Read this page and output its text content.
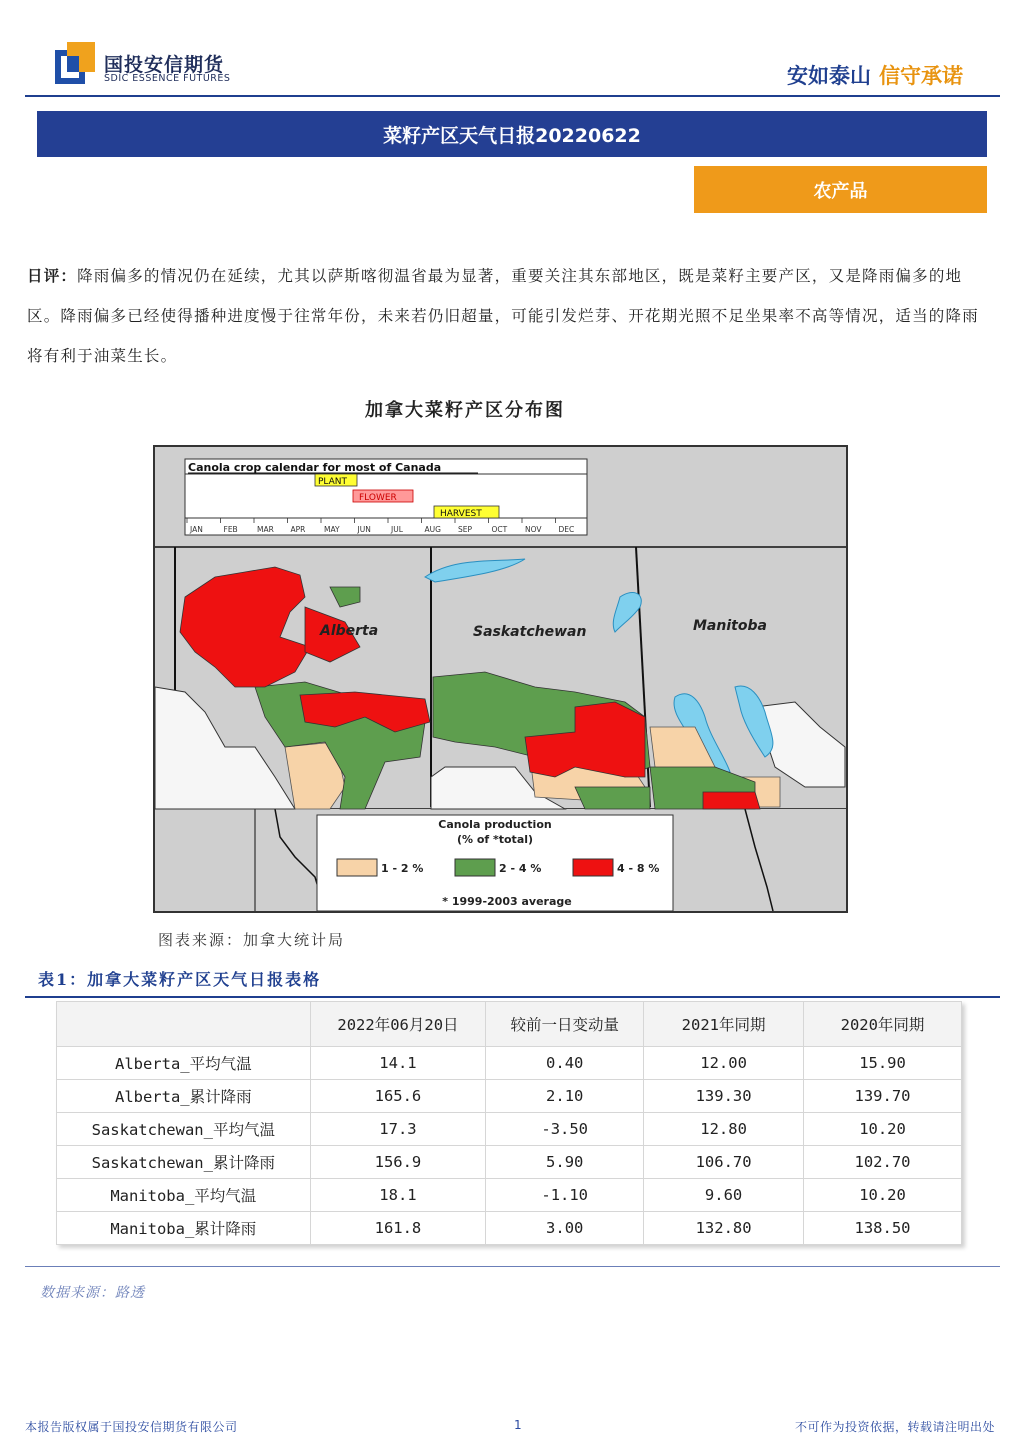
国投安信期货
SDIC ESSENCE FUTURES	安如泰山 信守承诺
菜籽产区天气日报20220622
农产品
日评：降雨偏多的情况仍在延续，尤其以萨斯喀彻温省最为显著，重要关注其东部地区，既是菜籽主要产区，又是降雨偏多的地区。降雨偏多已经使得播种进度慢于往常年份，未来若仍旧超量，可能引发烂芽、开花期光照不足坐果率不高等情况，适当的降雨将有利于油菜生长。
加拿大菜籽产区分布图
Canola crop calendar for most of Canada
PLANT
FLOWER
HARVEST
JAN	FEB	MAR APR MAY JUN	JUL	AUG SEP	OCT NOV DEC
Alberta	Saskatchewan	Manitoba
Canola production
(% of *total)
1 - 2 %	2 - 4 %	4 - 8 %
* 1999-2003 average
图表来源：加拿大统计局
表1：加拿大菜籽产区天气日报表格
	2022年06月20日	较前一日变动量	2021年同期	2020年同期
Alberta_平均气温	14.1	0.40	12.00	15.90
Alberta_累计降雨	165.6	2.10	139.30	139.70
Saskatchewan_平均气温	17.3	-3.50	12.80	10.20
Saskatchewan_累计降雨	156.9	5.90	106.70	102.70
Manitoba_平均气温	18.1	-1.10	9.60	10.20
Manitoba_累计降雨	161.8	3.00	132.80	138.50
数据来源：路透
本报告版权属于国投安信期货有限公司	1	不可作为投资依据，转载请注明出处
